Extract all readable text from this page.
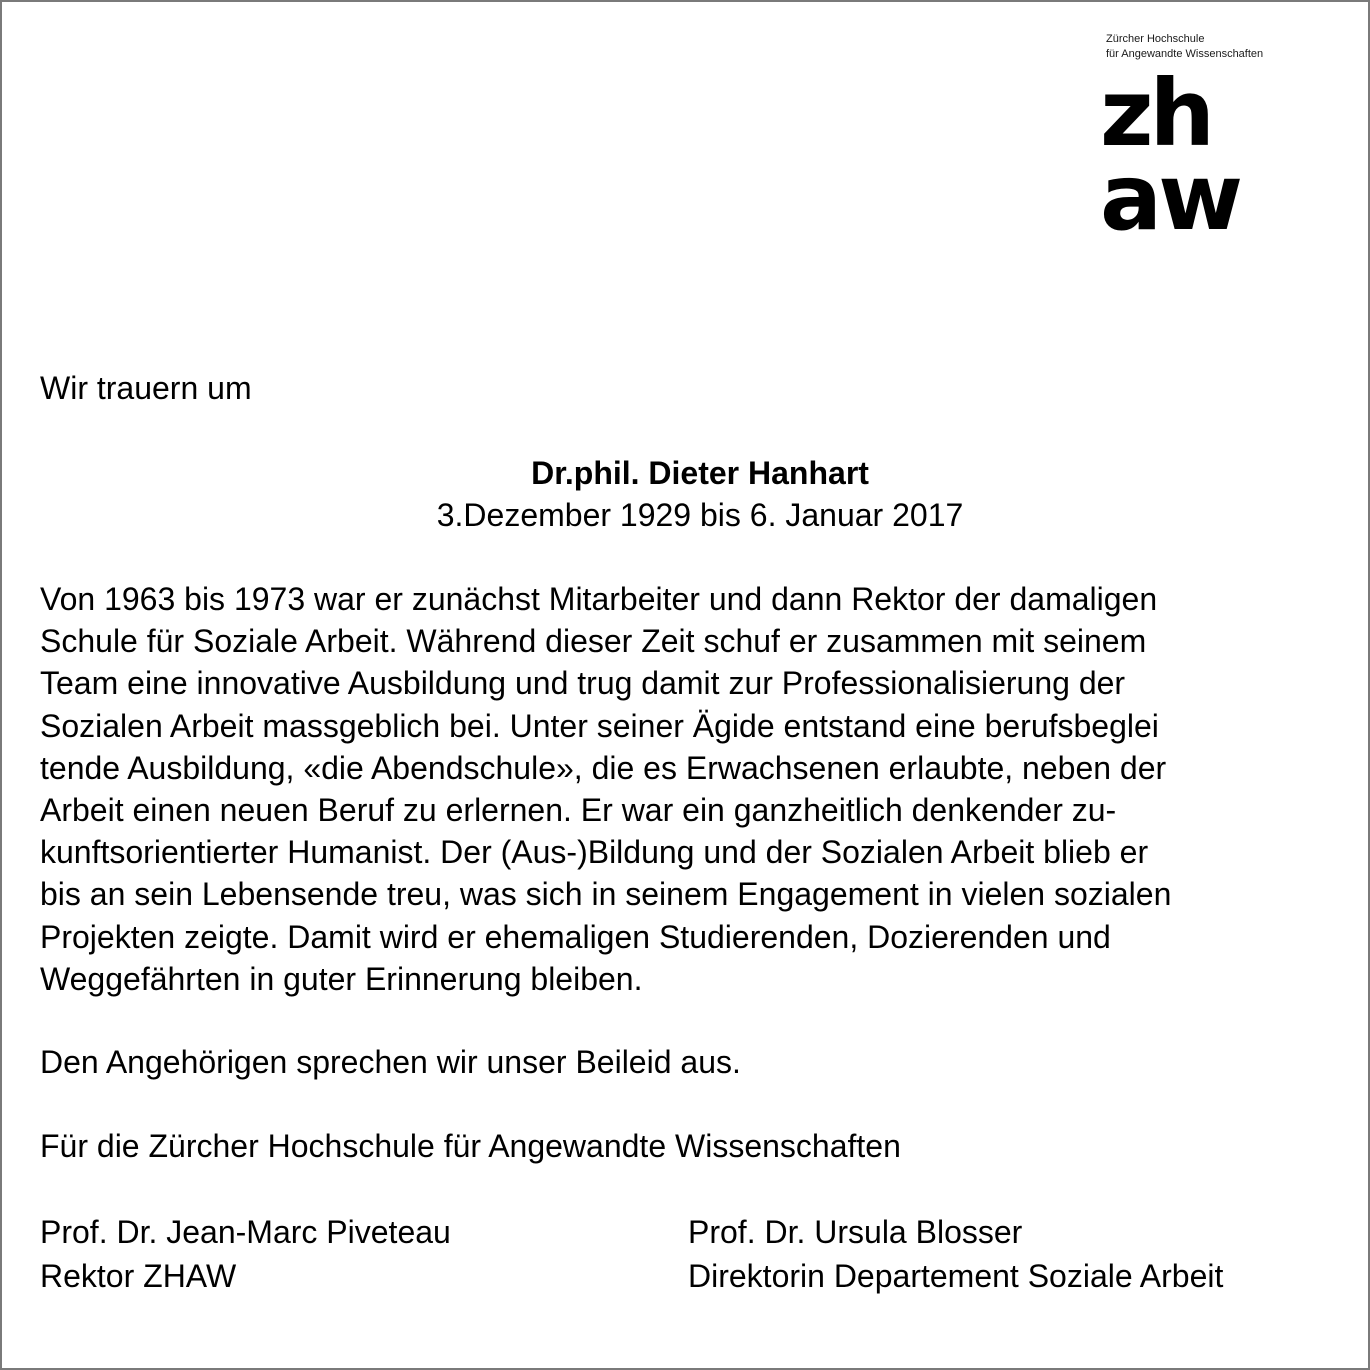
Zürcher Hochschule
für Angewandte Wissenschaften
zh
aw
Wir trauern um
Dr.phil. Dieter Hanhart
3.Dezember 1929 bis 6. Januar 2017
Von 1963 bis 1973 war er zunächst Mitarbeiter und dann Rektor der damaligen
Schule für Soziale Arbeit. Während dieser Zeit schuf er zusammen mit seinem
Team eine innovative Ausbildung und trug damit zur Professionalisierung der
Sozialen Arbeit massgeblich bei. Unter seiner Ägide entstand eine berufsbeglei
tende Ausbildung, «die Abendschule», die es Erwachsenen erlaubte, neben der
Arbeit einen neuen Beruf zu erlernen. Er war ein ganzheitlich denkender zu-
kunftsorientierter Humanist. Der (Aus-)Bildung und der Sozialen Arbeit blieb er
bis an sein Lebensende treu, was sich in seinem Engagement in vielen sozialen
Projekten zeigte. Damit wird er ehemaligen Studierenden, Dozierenden und
Weggefährten in guter Erinnerung bleiben.
Den Angehörigen sprechen wir unser Beileid aus.
Für die Zürcher Hochschule für Angewandte Wissenschaften
Prof. Dr. Jean-Marc Piveteau
Rektor ZHAW
Prof. Dr. Ursula Blosser
Direktorin Departement Soziale Arbeit
